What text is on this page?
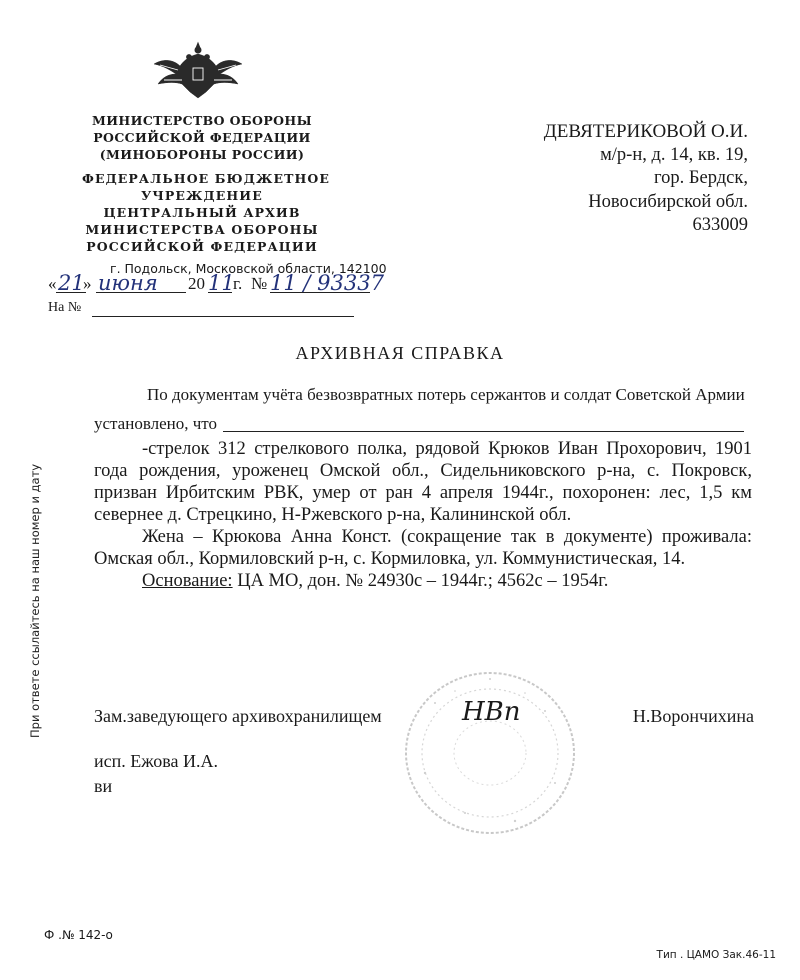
МИНИСТЕРСТВО ОБОРОНЫ
РОССИЙСКОЙ ФЕДЕРАЦИИ
(МИНОБОРОНЫ РОССИИ)
ФЕДЕРАЛЬНОЕ БЮДЖЕТНОЕ
УЧРЕЖДЕНИЕ
ЦЕНТРАЛЬНЫЙ АРХИВ
МИНИСТЕРСТВА ОБОРОНЫ
РОССИЙСКОЙ ФЕДЕРАЦИИ
ДЕВЯТЕРИКОВОЙ О.И.
м/р-н, д. 14, кв. 19,
гор. Бердск,
Новосибирской обл.
633009
г. Подольск, Московской области, 142100
« 21
» июня 20 11
г. № 11 / 93337
На №
АРХИВНАЯ СПРАВКА
По документам учёта безвозвратных потерь сержантов и солдат Советской Армии
установлено, что

-стрелок 312 стрелкового полка, рядовой Крюков Иван Прохорович, 1901 года рождения, уроженец Омской обл., Сидельниковского р-на, с. Покровск, призван Ирбитским РВК, умер от ран 4 апреля 1944г., похоронен: лес, 1,5 км севернее д. Стрецкино, Н-Ржевского р-на, Калининской обл.

Жена – Крюкова Анна Конст. (сокращение так в документе) проживала: Омская обл., Кормиловский р-н, с. Кормиловка, ул. Коммунистическая, 14.

Основание: ЦА МО, дон. № 24930с – 1944г.; 4562с – 1954г.

Зам.заведующего архивохранилищем	НВп	Н.Ворончихина
исп. Ежова И.А.
ви
При ответе ссылайтесь на наш номер и дату
Ф .№ 142-о
Тип . ЦАМО Зак.46-11
